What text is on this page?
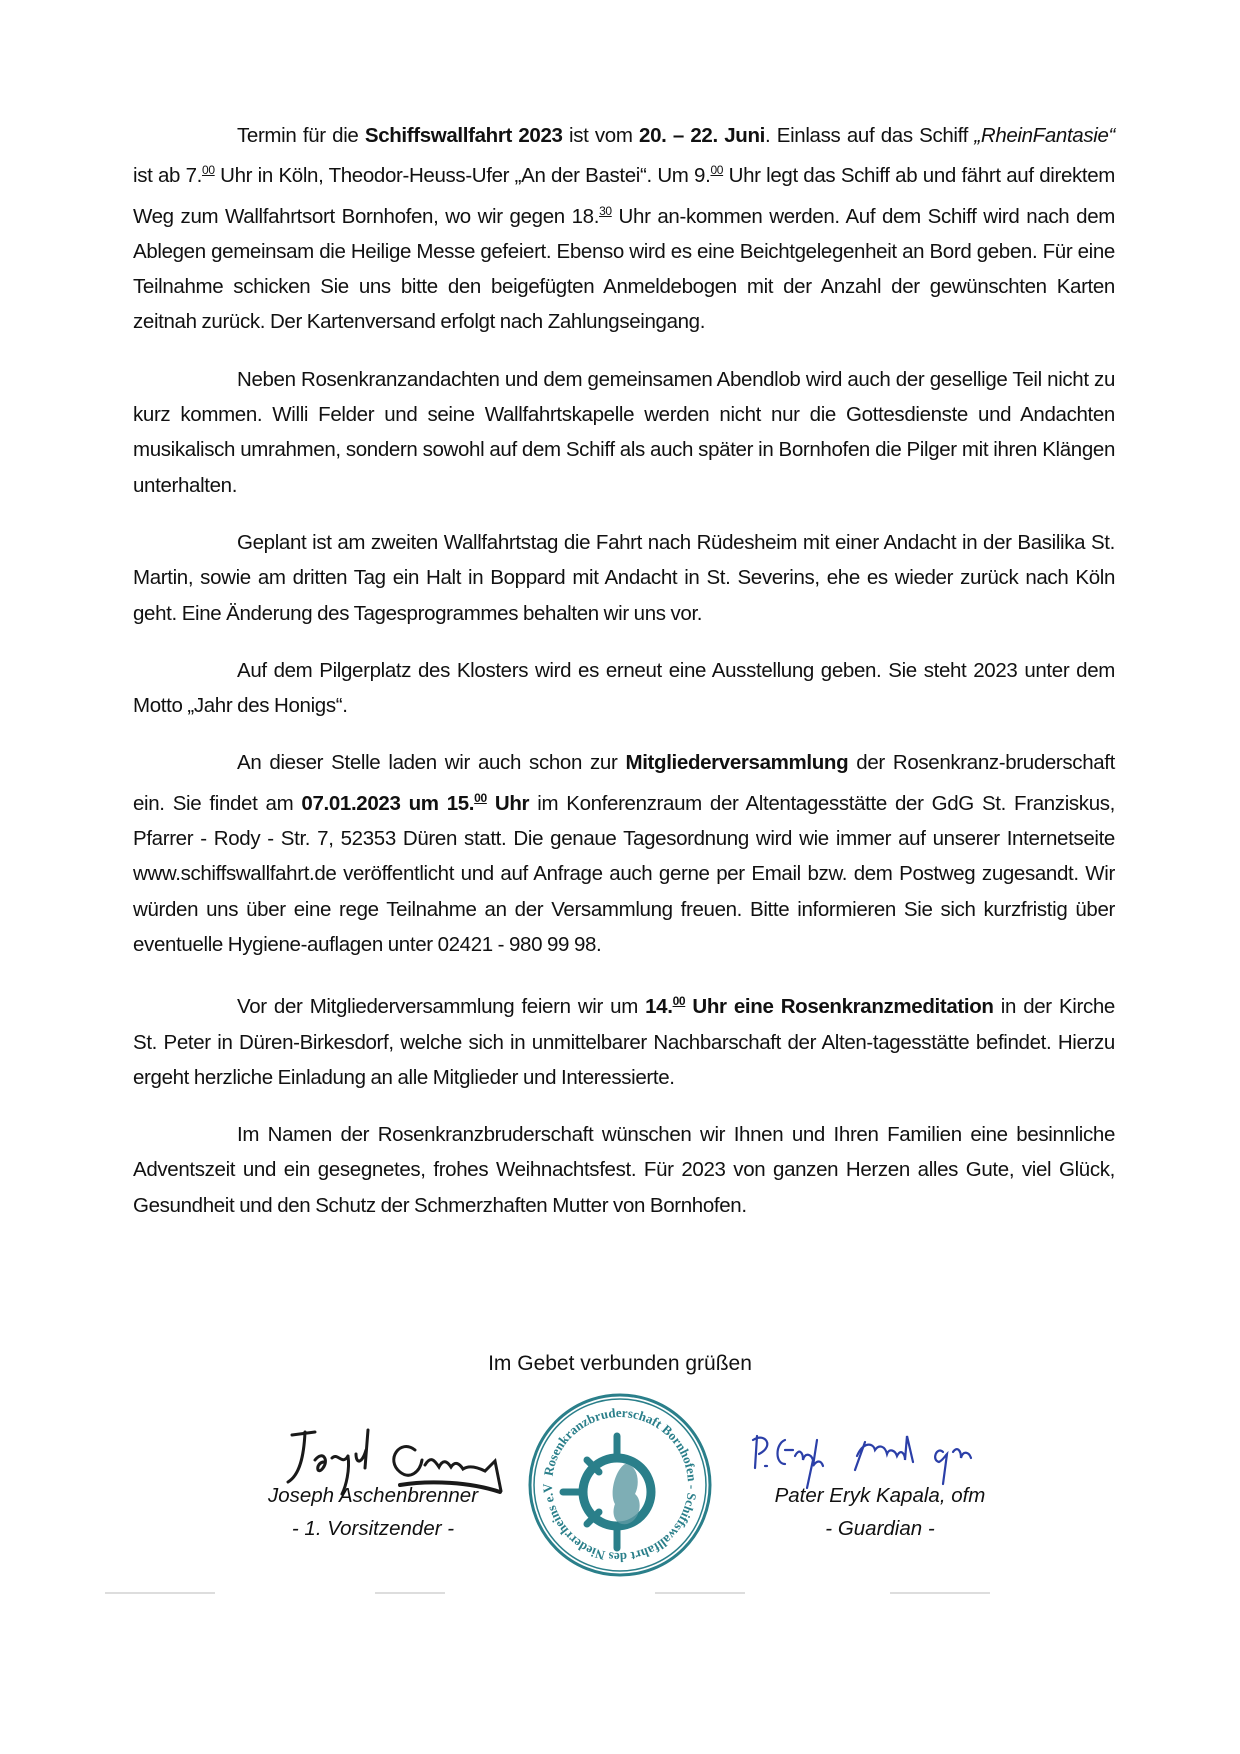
Termin für die Schiffswallfahrt 2023 ist vom 20. – 22. Juni. Einlass auf das Schiff „RheinFantasie“ ist ab 7.00 Uhr in Köln, Theodor-Heuss-Ufer „An der Bastei“. Um 9.00 Uhr legt das Schiff ab und fährt auf direktem Weg zum Wallfahrtsort Bornhofen, wo wir gegen 18.30 Uhr an-kommen werden. Auf dem Schiff wird nach dem Ablegen gemeinsam die Heilige Messe gefeiert. Ebenso wird es eine Beichtgelegenheit an Bord geben. Für eine Teilnahme schicken Sie uns bitte den beigefügten Anmeldebogen mit der Anzahl der gewünschten Karten zeitnah zurück. Der Kartenversand erfolgt nach Zahlungseingang.

Neben Rosenkranzandachten und dem gemeinsamen Abendlob wird auch der gesellige Teil nicht zu kurz kommen. Willi Felder und seine Wallfahrtskapelle werden nicht nur die Gottesdienste und Andachten musikalisch umrahmen, sondern sowohl auf dem Schiff als auch später in Bornhofen die Pilger mit ihren Klängen unterhalten.

Geplant ist am zweiten Wallfahrtstag die Fahrt nach Rüdesheim mit einer Andacht in der Basilika St. Martin, sowie am dritten Tag ein Halt in Boppard mit Andacht in St. Severins, ehe es wieder zurück nach Köln geht. Eine Änderung des Tagesprogrammes behalten wir uns vor.

Auf dem Pilgerplatz des Klosters wird es erneut eine Ausstellung geben. Sie steht 2023 unter dem Motto „Jahr des Honigs“.

An dieser Stelle laden wir auch schon zur Mitgliederversammlung der Rosenkranz-bruderschaft ein. Sie findet am 07.01.2023 um 15.00 Uhr im Konferenzraum der Altentagesstätte der GdG St. Franziskus, Pfarrer - Rody - Str. 7, 52353 Düren statt. Die genaue Tagesordnung wird wie immer auf unserer Internetseite www.schiffswallfahrt.de veröffentlicht und auf Anfrage auch gerne per Email bzw. dem Postweg zugesandt. Wir würden uns über eine rege Teilnahme an der Versammlung freuen. Bitte informieren Sie sich kurzfristig über eventuelle Hygiene-auflagen unter 02421 - 980 99 98.

Vor der Mitgliederversammlung feiern wir um 14.00 Uhr eine Rosenkranzmeditation in der Kirche St. Peter in Düren-Birkesdorf, welche sich in unmittelbarer Nachbarschaft der Alten-tagesstätte befindet. Hierzu ergeht herzliche Einladung an alle Mitglieder und Interessierte.

Im Namen der Rosenkranzbruderschaft wünschen wir Ihnen und Ihren Familien eine besinnliche Adventszeit und ein gesegnetes, frohes Weihnachtsfest. Für 2023 von ganzen Herzen alles Gute, viel Glück, Gesundheit und den Schutz der Schmerzhaften Mutter von Bornhofen.

Im Gebet verbunden grüßen
Joseph Aschenbrenner
- 1. Vorsitzender -
Rosenkranzbruderschaft Bornhofen - Schiffswallfahrt des Niederrheins e.V	Pater Eryk Kapala, ofm
- Guardian -
